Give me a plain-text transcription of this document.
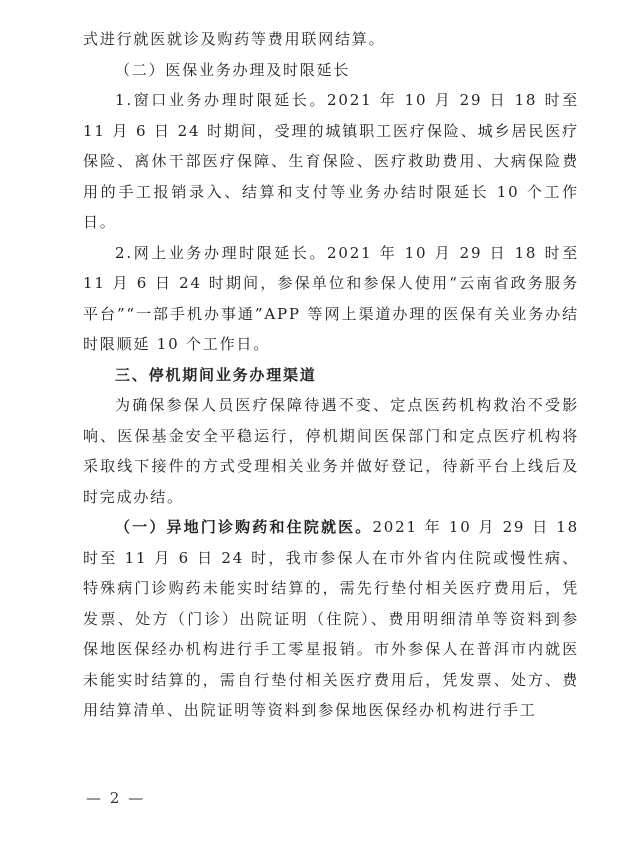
式进行就医就诊及购药等费用联网结算。

（二）医保业务办理及时限延长

1.窗口业务办理时限延长。2021 年 10 月 29 日 18 时至 11 月 6 日 24 时期间，受理的城镇职工医疗保险、城乡居民医疗保险、离休干部医疗保障、生育保险、医疗救助费用、大病保险费用的手工报销录入、结算和支付等业务办结时限延长 10 个工作日。

2.网上业务办理时限延长。2021 年 10 月 29 日 18 时至 11 月 6 日 24 时期间，参保单位和参保人使用“云南省政务服务平台”“一部手机办事通”APP 等网上渠道办理的医保有关业务办结时限顺延 10 个工作日。

三、停机期间业务办理渠道

为确保参保人员医疗保障待遇不变、定点医药机构救治不受影响、医保基金安全平稳运行，停机期间医保部门和定点医疗机构将采取线下接件的方式受理相关业务并做好登记，待新平台上线后及时完成办结。

（一）异地门诊购药和住院就医。2021 年 10 月 29 日 18 时至 11 月 6 日 24 时，我市参保人在市外省内住院或慢性病、特殊病门诊购药未能实时结算的，需先行垫付相关医疗费用后，凭发票、处方（门诊）出院证明（住院）、费用明细清单等资料到参保地医保经办机构进行手工零星报销。市外参保人在普洱市内就医未能实时结算的，需自行垫付相关医疗费用后，凭发票、处方、费用结算清单、出院证明等资料到参保地医保经办机构进行手工

— 2 —
